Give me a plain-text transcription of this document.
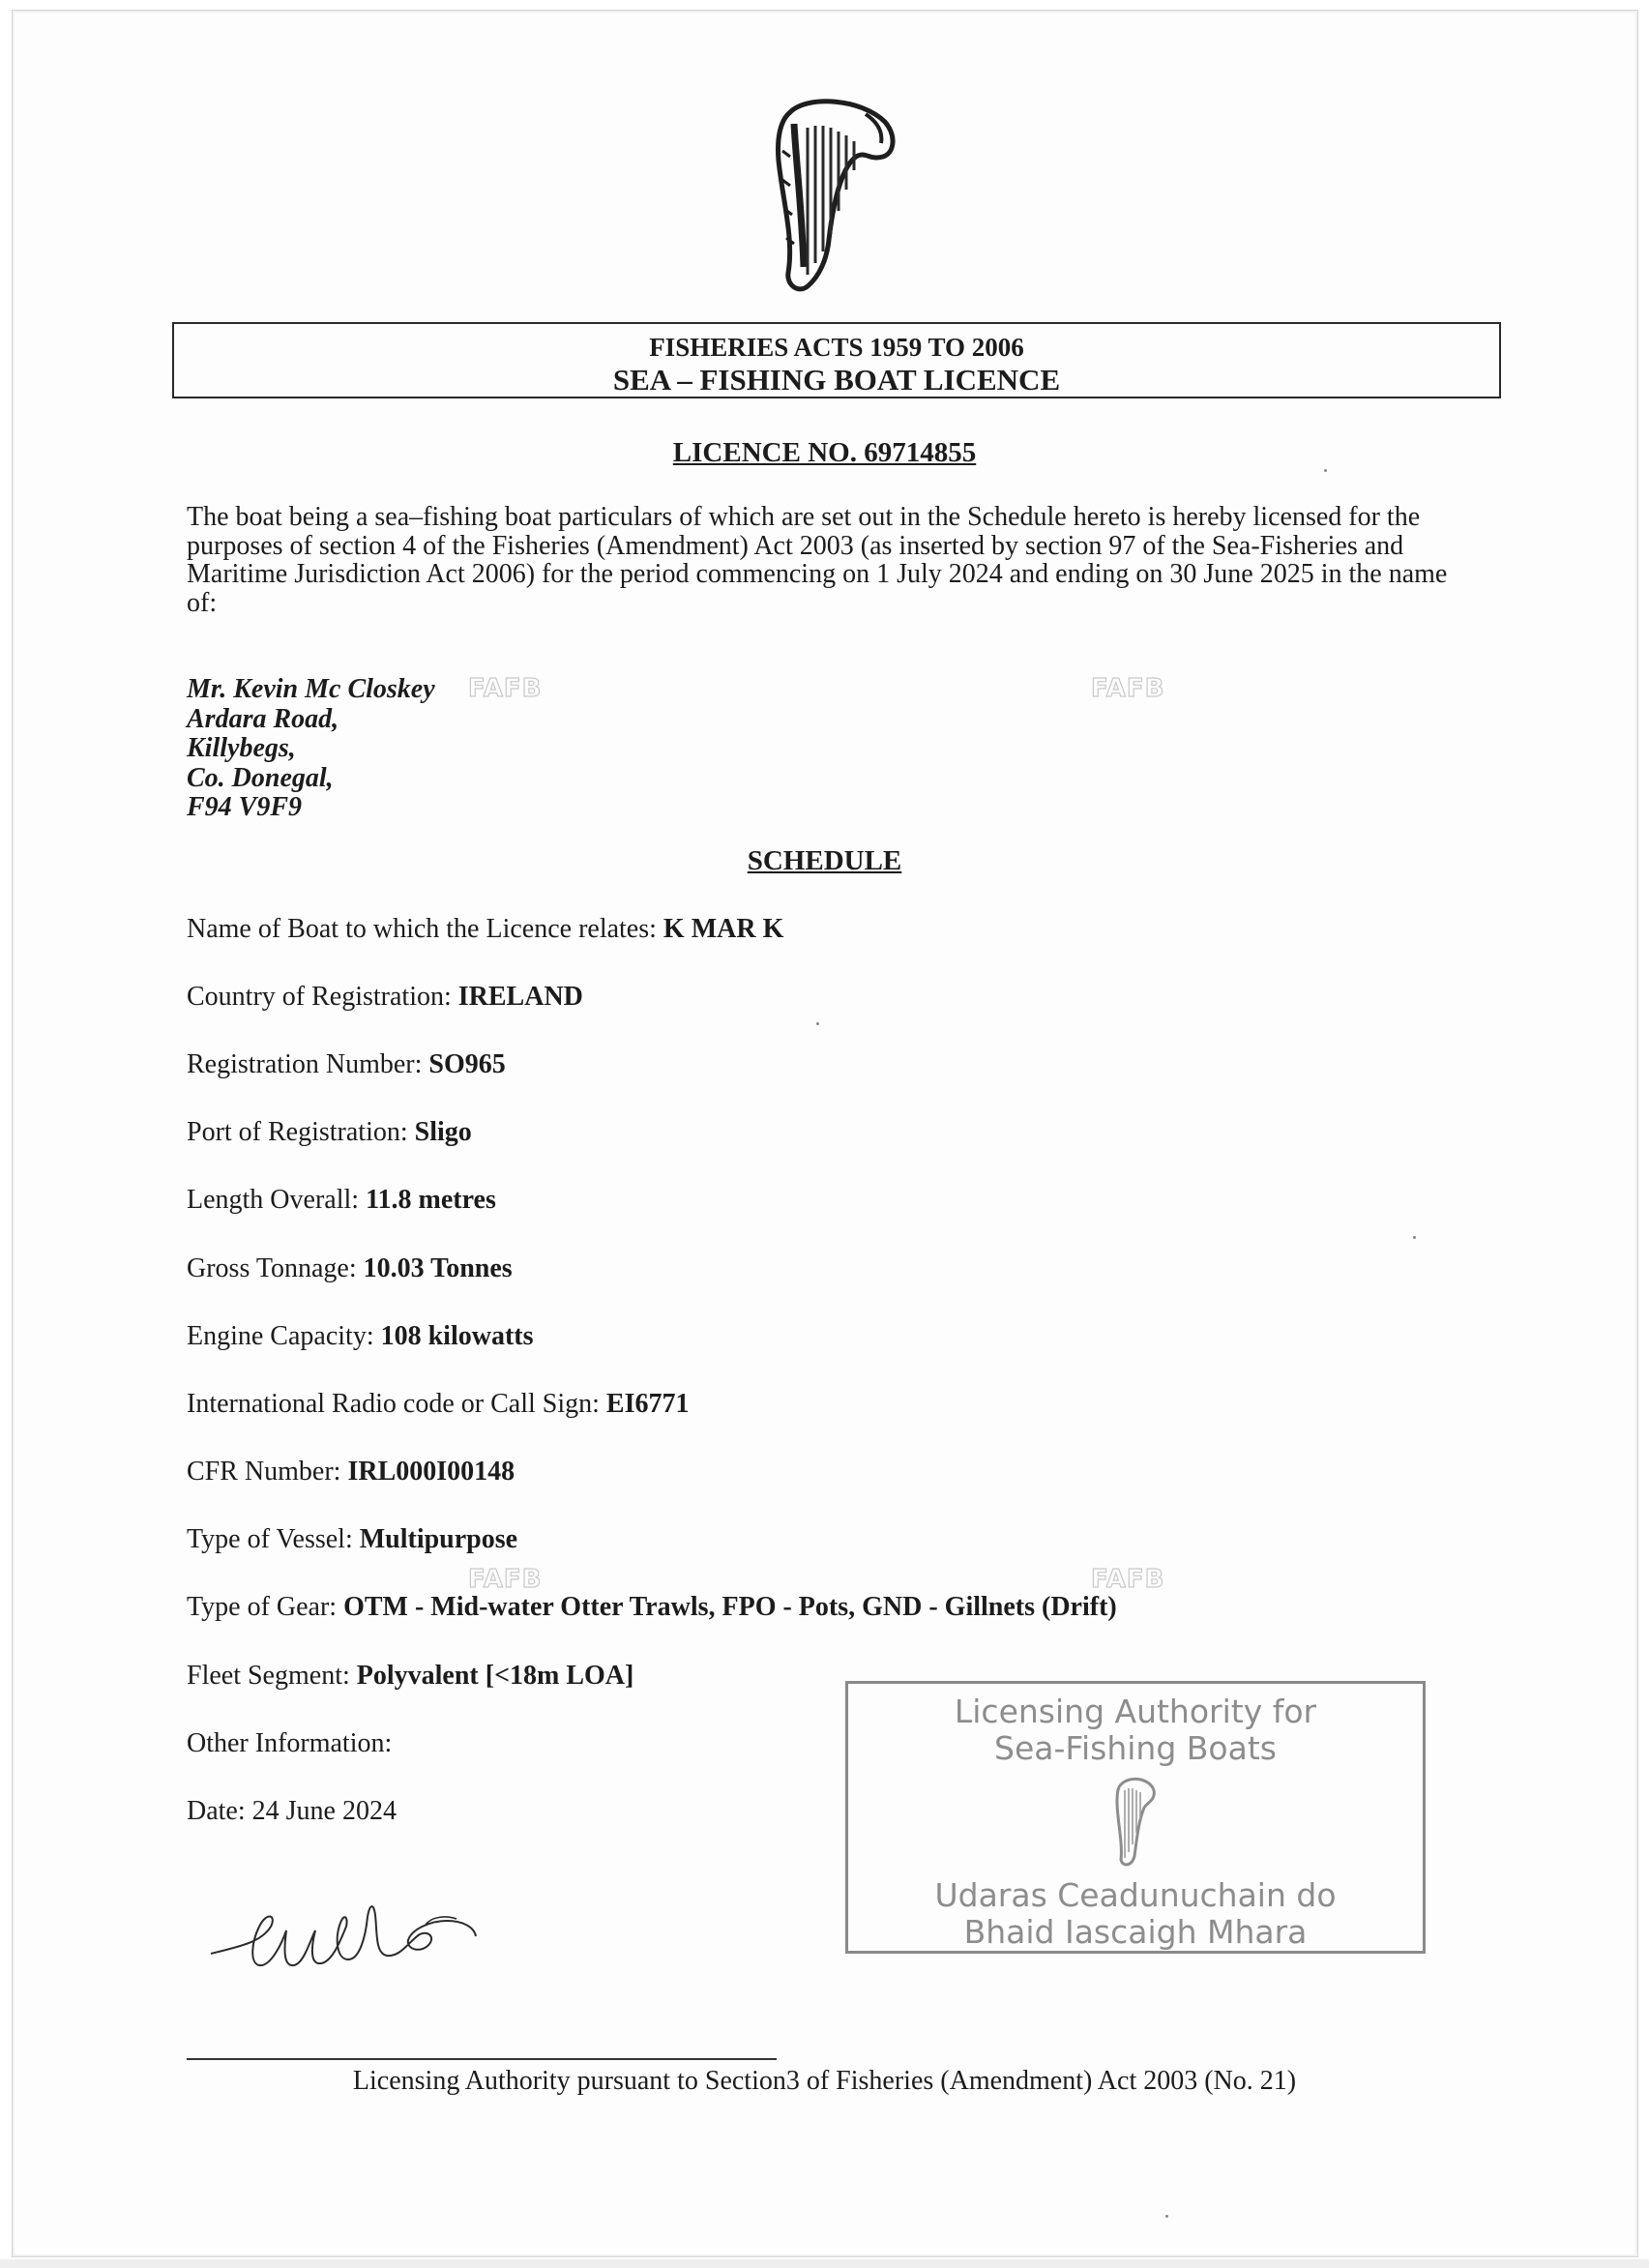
FISHERIES ACTS 1959 TO 2006
SEA – FISHING BOAT LICENCE
LICENCE NO. 69714855
The boat being a sea–fishing boat particulars of which are set out in the Schedule hereto is hereby licensed for the purposes of section 4 of the Fisheries (Amendment) Act 2003 (as inserted by section 97 of the Sea-Fisheries and Maritime Jurisdiction Act 2006) for the period commencing on 1 July 2024 and ending on 30 June 2025 in the name of:
Mr. Kevin Mc Closkey
Ardara Road,
Killybegs,
Co. Donegal,
F94 V9F9
FAFB	FAFB
FAFB	FAFB
SCHEDULE
Name of Boat to which the Licence relates: K MAR K
Country of Registration: IRELAND
Registration Number: SO965
Port of Registration: Sligo
Length Overall: 11.8 metres
Gross Tonnage: 10.03 Tonnes
Engine Capacity: 108 kilowatts
International Radio code or Call Sign: EI6771
CFR Number: IRL000I00148
Type of Vessel: Multipurpose
Type of Gear: OTM - Mid-water Otter Trawls, FPO - Pots, GND - Gillnets (Drift)
Fleet Segment: Polyvalent [<18m LOA]
Other Information:
Date: 24 June 2024
Licensing Authority for
Sea-Fishing Boats
Udaras Ceadunuchain do
Bhaid Iascaigh Mhara
Licensing Authority pursuant to Section3 of Fisheries (Amendment) Act 2003 (No. 21)
